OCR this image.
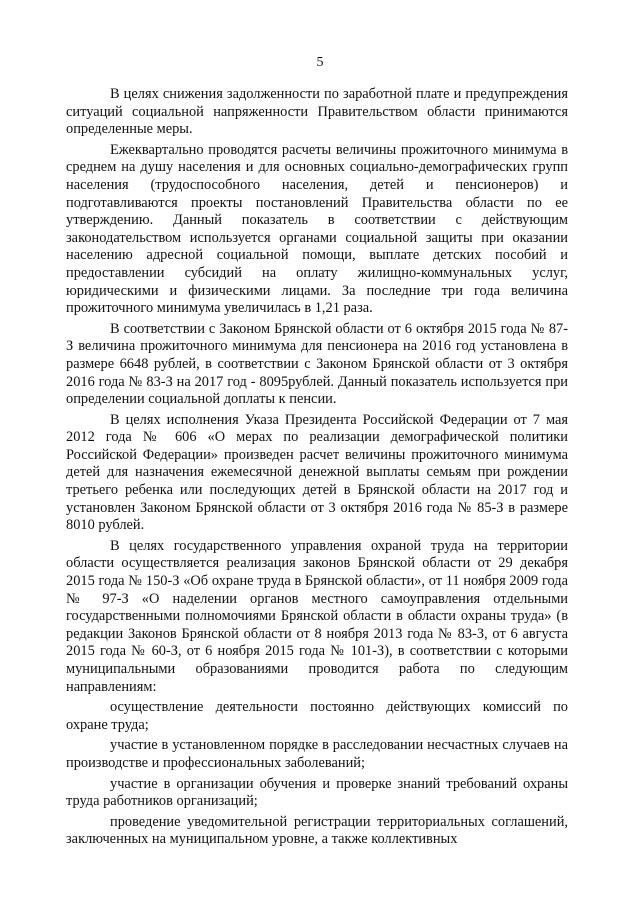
5

В целях снижения задолженности по заработной плате и предупреждения ситуаций социальной напряженности Правительством области принимаются определенные меры.

Ежеквартально проводятся расчеты величины прожиточного минимума в среднем на душу населения и для основных социально-демографических групп населения (трудоспособного населения, детей и пенсионеров) и подготавливаются проекты постановлений Правительства области по ее утверждению. Данный показатель в соответствии с действующим законодательством используется органами социальной защиты при оказании населению адресной социальной помощи, выплате детских пособий и предоставлении субсидий на оплату жилищно-коммунальных услуг, юридическими и физическими лицами. За последние три года величина прожиточного минимума увеличилась в 1,21 раза.

В соответствии с Законом Брянской области от 6 октября 2015 года № 87-З величина прожиточного минимума для пенсионера на 2016 год установлена в размере 6648 рублей, в соответствии с Законом Брянской области от 3 октября 2016 года № 83-З на 2017 год - 8095рублей. Данный показатель используется при определении социальной доплаты к пенсии.

В целях исполнения Указа Президента Российской Федерации от 7 мая 2012 года № 606 «О мерах по реализации демографической политики Российской Федерации» произведен расчет величины прожиточного минимума детей для назначения ежемесячной денежной выплаты семьям при рождении третьего ребенка или последующих детей в Брянской области на 2017 год и установлен Законом Брянской области от 3 октября 2016 года № 85-З в размере 8010 рублей.

В целях государственного управления охраной труда на территории области осуществляется реализация законов Брянской области от 29 декабря 2015 года № 150-З «Об охране труда в Брянской области», от 11 ноября 2009 года № 97-З «О наделении органов местного самоуправления отдельными государственными полномочиями Брянской области в области охраны труда» (в редакции Законов Брянской области от 8 ноября 2013 года № 83-З, от 6 августа 2015 года № 60-З, от 6 ноября 2015 года № 101-З), в соответствии с которыми муниципальными образованиями проводится работа по следующим направлениям:

осуществление деятельности постоянно действующих комиссий по охране труда;

участие в установленном порядке в расследовании несчастных случаев на производстве и профессиональных заболеваний;

участие в организации обучения и проверке знаний требований охраны труда работников организаций;

проведение уведомительной регистрации территориальных соглашений, заключенных на муниципальном уровне, а также коллективных
